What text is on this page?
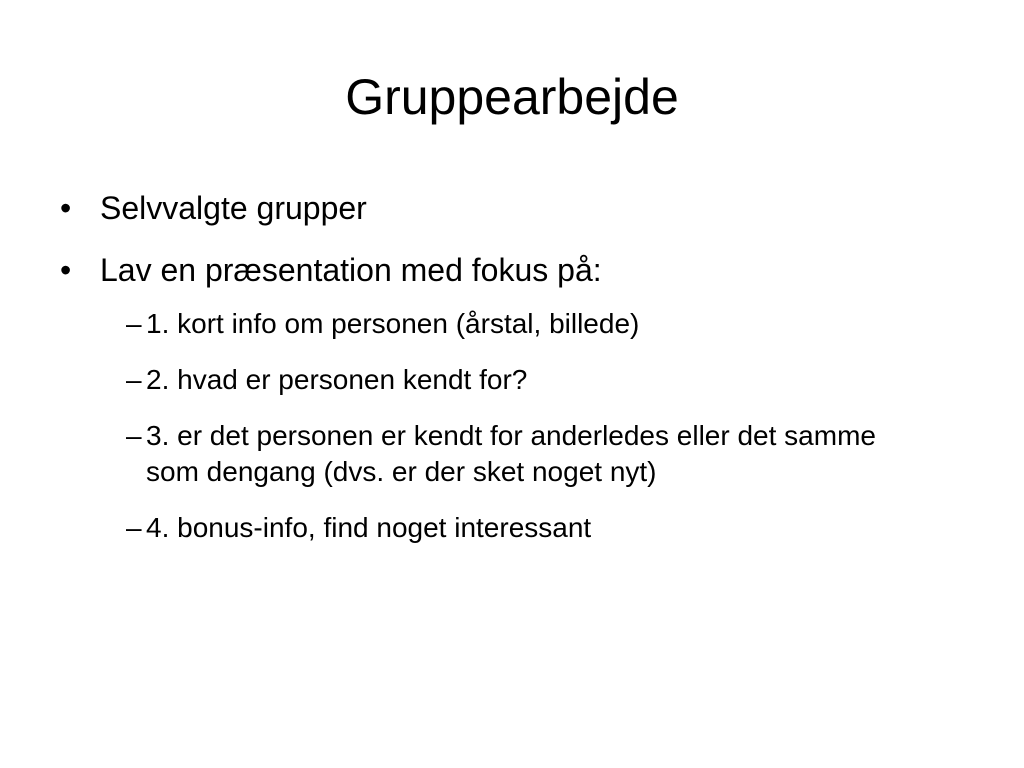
Gruppearbejde
• Selvvalgte grupper
• Lav en præsentation med fokus på:
– 1. kort info om personen (årstal, billede)
– 2. hvad er personen kendt for?
– 3. er det personen er kendt for anderledes eller det samme som dengang (dvs. er der sket noget nyt)
– 4. bonus-info, find noget interessant
